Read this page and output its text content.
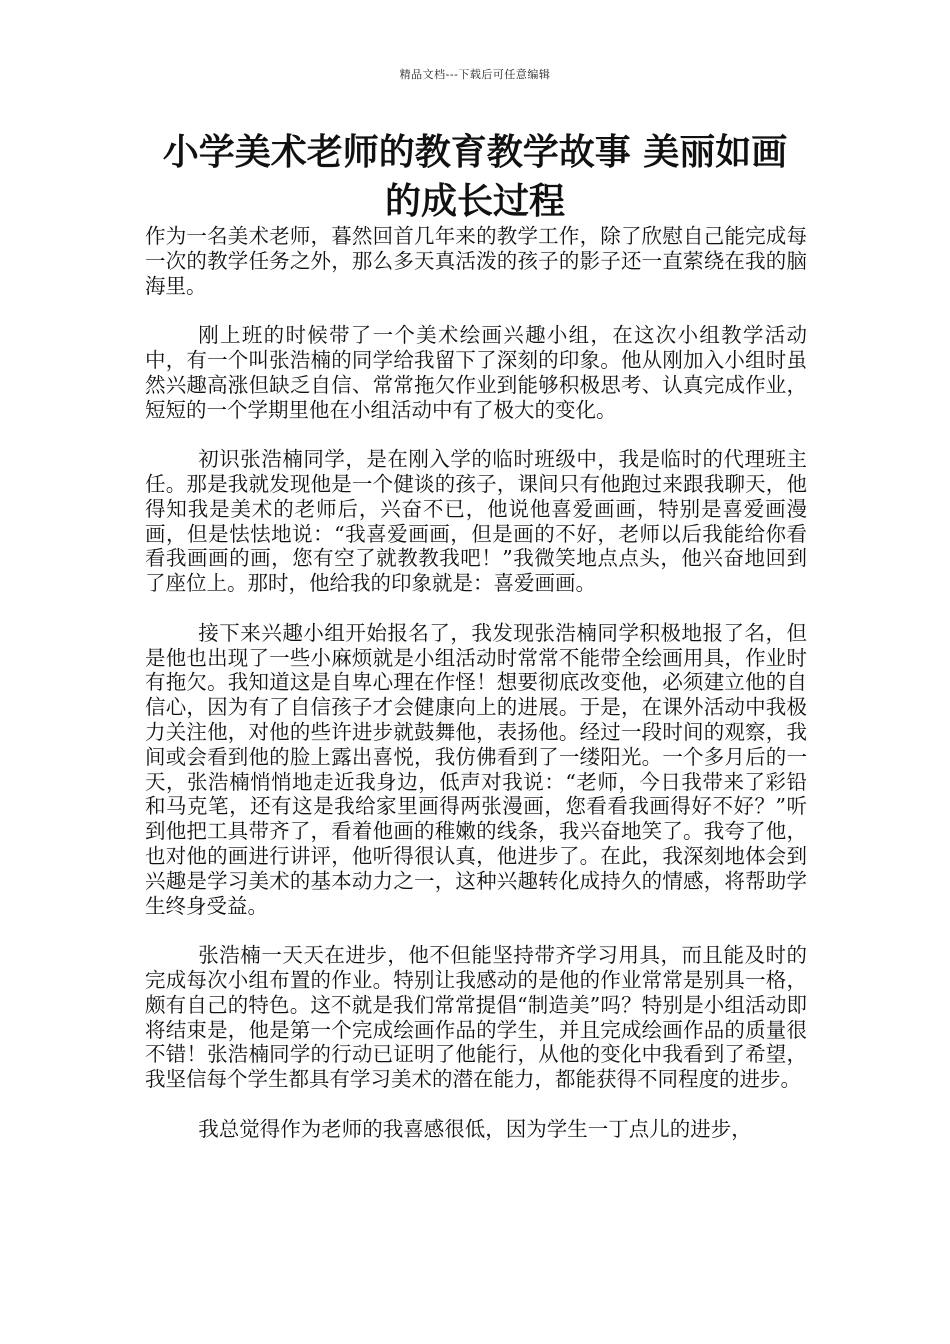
精品文档---下载后可任意编辑
小学美术老师的教育教学故事 美丽如画的成长过程

作为一名美术老师，暮然回首几年来的教学工作，除了欣慰自己能完成每一次的教学任务之外，那么多天真活泼的孩子的影子还一直萦绕在我的脑海里。

刚上班的时候带了一个美术绘画兴趣小组，在这次小组教学活动中，有一个叫张浩楠的同学给我留下了深刻的印象。他从刚加入小组时虽然兴趣高涨但缺乏自信、常常拖欠作业到能够积极思考、认真完成作业，短短的一个学期里他在小组活动中有了极大的变化。

初识张浩楠同学，是在刚入学的临时班级中，我是临时的代理班主任。那是我就发现他是一个健谈的孩子，课间只有他跑过来跟我聊天，他得知我是美术的老师后，兴奋不已，他说他喜爱画画，特别是喜爱画漫画，但是怯怯地说：“我喜爱画画，但是画的不好，老师以后我能给你看看我画画的画，您有空了就教教我吧！”我微笑地点点头，他兴奋地回到了座位上。那时，他给我的印象就是：喜爱画画。

接下来兴趣小组开始报名了，我发现张浩楠同学积极地报了名，但是他也出现了一些小麻烦就是小组活动时常常不能带全绘画用具，作业时有拖欠。我知道这是自卑心理在作怪！想要彻底改变他，必须建立他的自信心，因为有了自信孩子才会健康向上的进展。于是，在课外活动中我极力关注他，对他的些许进步就鼓舞他，表扬他。经过一段时间的观察，我间或会看到他的脸上露出喜悦，我仿佛看到了一缕阳光。一个多月后的一天，张浩楠悄悄地走近我身边，低声对我说：“老师，今日我带来了彩铅和马克笔，还有这是我给家里画得两张漫画，您看看我画得好不好？”听到他把工具带齐了，看着他画的稚嫩的线条，我兴奋地笑了。我夸了他，也对他的画进行讲评，他听得很认真，他进步了。在此，我深刻地体会到兴趣是学习美术的基本动力之一，这种兴趣转化成持久的情感，将帮助学生终身受益。

张浩楠一天天在进步，他不但能坚持带齐学习用具，而且能及时的完成每次小组布置的作业。特别让我感动的是他的作业常常是别具一格，颇有自己的特色。这不就是我们常常提倡“制造美”吗？特别是小组活动即将结束是，他是第一个完成绘画作品的学生，并且完成绘画作品的质量很不错！张浩楠同学的行动已证明了他能行，从他的变化中我看到了希望，我坚信每个学生都具有学习美术的潜在能力，都能获得不同程度的进步。

我总觉得作为老师的我喜感很低，因为学生一丁点儿的进步，
